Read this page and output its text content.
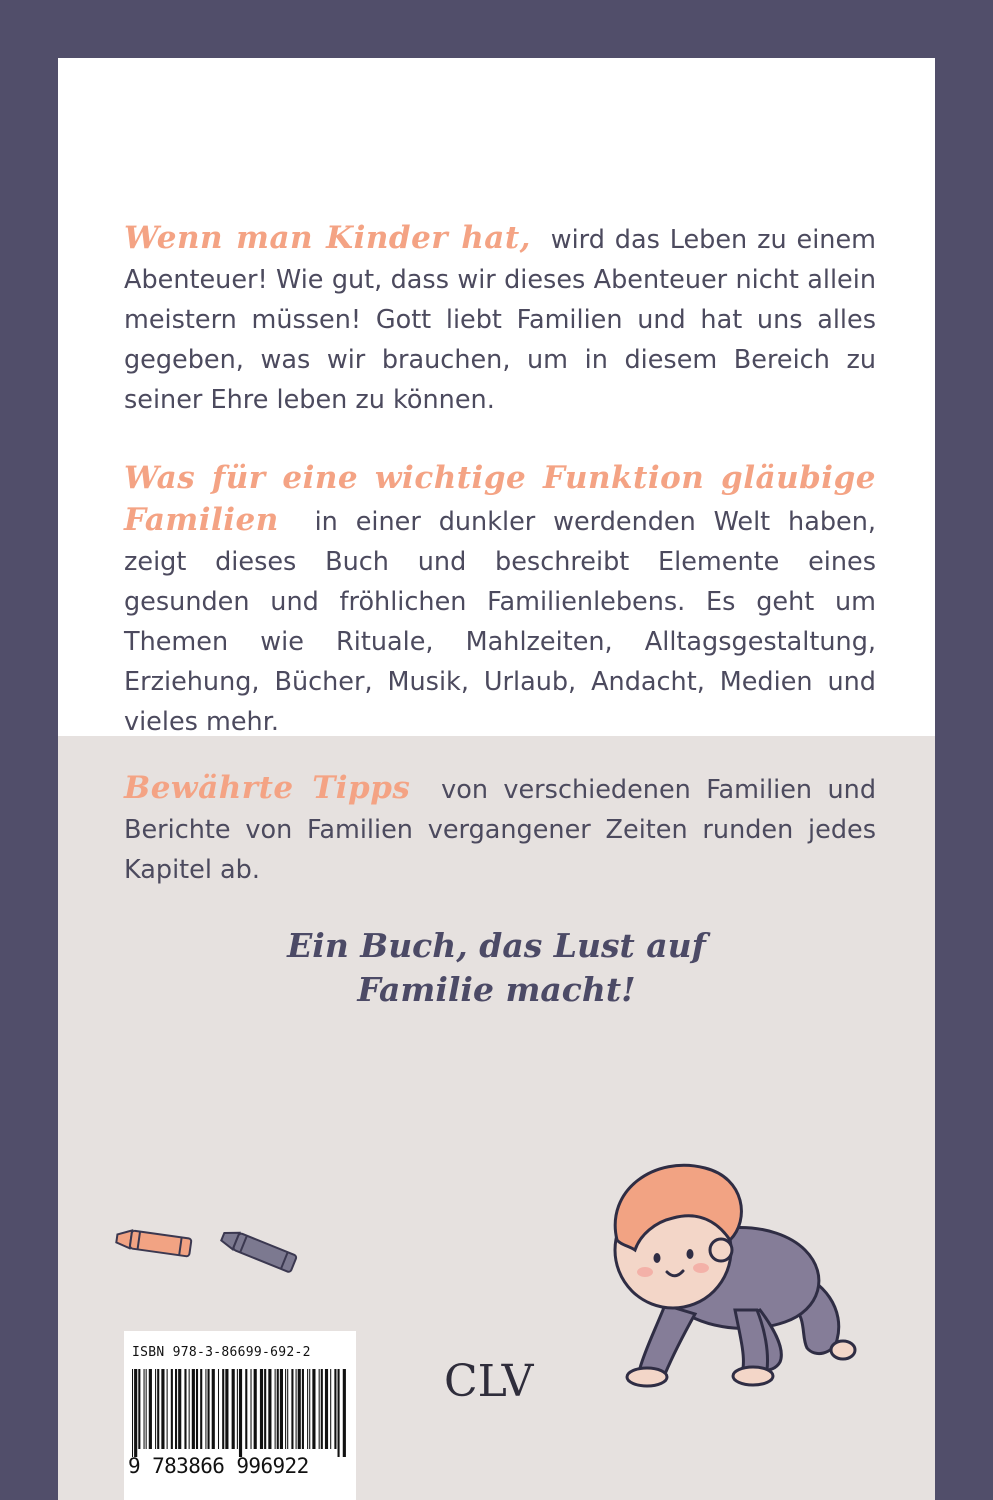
Bewährte Tipps von verschiedenen Familien und Berichte von Familien vergangener Zeiten runden jedes Kapitel ab.

Ein Buch, das Lust auf
Familie macht!

ISBN 978-3-86699-692-2
9 783866 996922
CLV

Wenn man Kinder hat, wird das Leben zu einem Abenteuer! Wie gut, dass wir dieses Abenteuer nicht allein meistern müssen! Gott liebt Familien und hat uns alles gegeben, was wir brauchen, um in diesem Bereich zu seiner Ehre leben zu können.

Was für eine wichtige Funktion gläubige Familien in einer dunkler werdenden Welt haben, zeigt dieses Buch und beschreibt Elemente eines gesunden und fröhlichen Familienlebens. Es geht um Themen wie Rituale, Mahlzeiten, Alltagsgestaltung, Erziehung, Bücher, Musik, Urlaub, Andacht, Medien und vieles mehr.
